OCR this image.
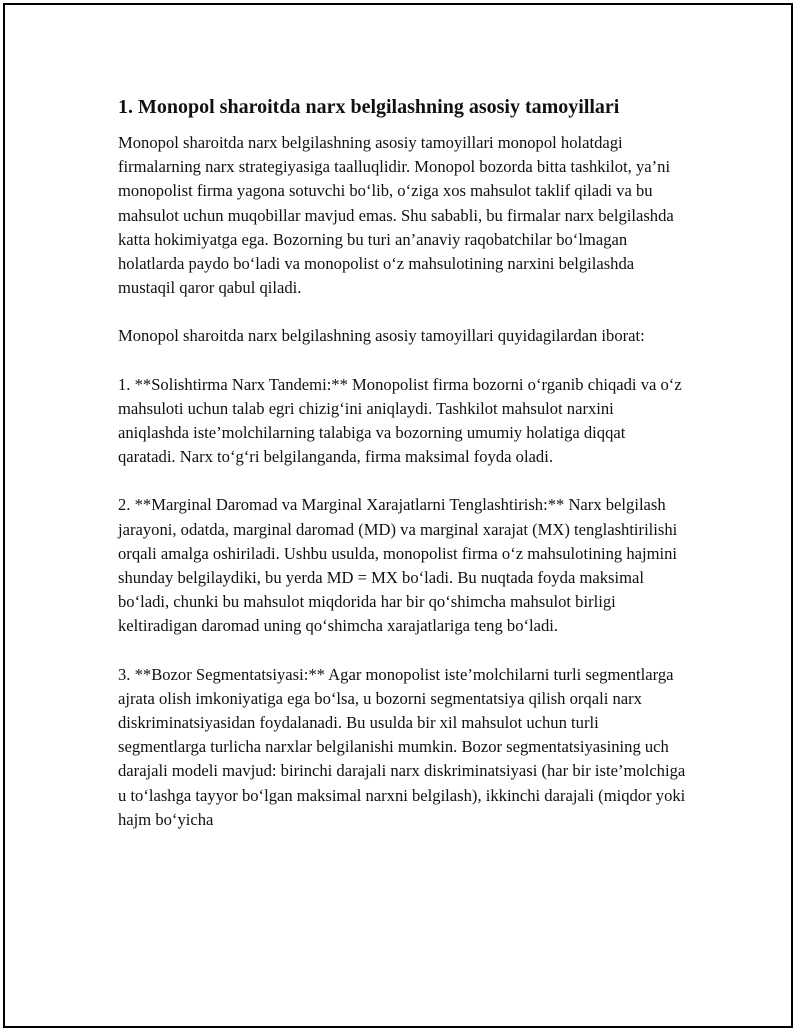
1. Monopol sharoitda narx belgilashning asosiy tamoyillari

Monopol sharoitda narx belgilashning asosiy tamoyillari monopol holatdagi firmalarning narx strategiyasiga taalluqlidir. Monopol bozorda bitta tashkilot, ya’ni monopolist firma yagona sotuvchi bo‘lib, o‘ziga xos mahsulot taklif qiladi va bu mahsulot uchun muqobillar mavjud emas. Shu sababli, bu firmalar narx belgilashda katta hokimiyatga ega. Bozorning bu turi an’anaviy raqobatchilar bo‘lmagan holatlarda paydo bo‘ladi va monopolist o‘z mahsulotining narxini belgilashda mustaqil qaror qabul qiladi.

Monopol sharoitda narx belgilashning asosiy tamoyillari quyidagilardan iborat:

1. **Solishtirma Narx Tandemi:** Monopolist firma bozorni o‘rganib chiqadi va o‘z mahsuloti uchun talab egri chizig‘ini aniqlaydi. Tashkilot mahsulot narxini aniqlashda iste’molchilarning talabiga va bozorning umumiy holatiga diqqat qaratadi. Narx to‘g‘ri belgilanganda, firma maksimal foyda oladi.

2. **Marginal Daromad va Marginal Xarajatlarni Tenglashtirish:** Narx belgilash jarayoni, odatda, marginal daromad (MD) va marginal xarajat (MX) tenglashtirilishi orqali amalga oshiriladi. Ushbu usulda, monopolist firma o‘z mahsulotining hajmini shunday belgilaydiki, bu yerda MD = MX bo‘ladi. Bu nuqtada foyda maksimal bo‘ladi, chunki bu mahsulot miqdorida har bir qo‘shimcha mahsulot birligi keltiradigan daromad uning qo‘shimcha xarajatlariga teng bo‘ladi.

3. **Bozor Segmentatsiyasi:** Agar monopolist iste’molchilarni turli segmentlarga ajrata olish imkoniyatiga ega bo‘lsa, u bozorni segmentatsiya qilish orqali narx diskriminatsiyasidan foydalanadi. Bu usulda bir xil mahsulot uchun turli segmentlarga turlicha narxlar belgilanishi mumkin. Bozor segmentatsiyasining uch darajali modeli mavjud: birinchi darajali narx diskriminatsiyasi (har bir iste’molchiga u to‘lashga tayyor bo‘lgan maksimal narxni belgilash), ikkinchi darajali (miqdor yoki hajm bo‘yicha
